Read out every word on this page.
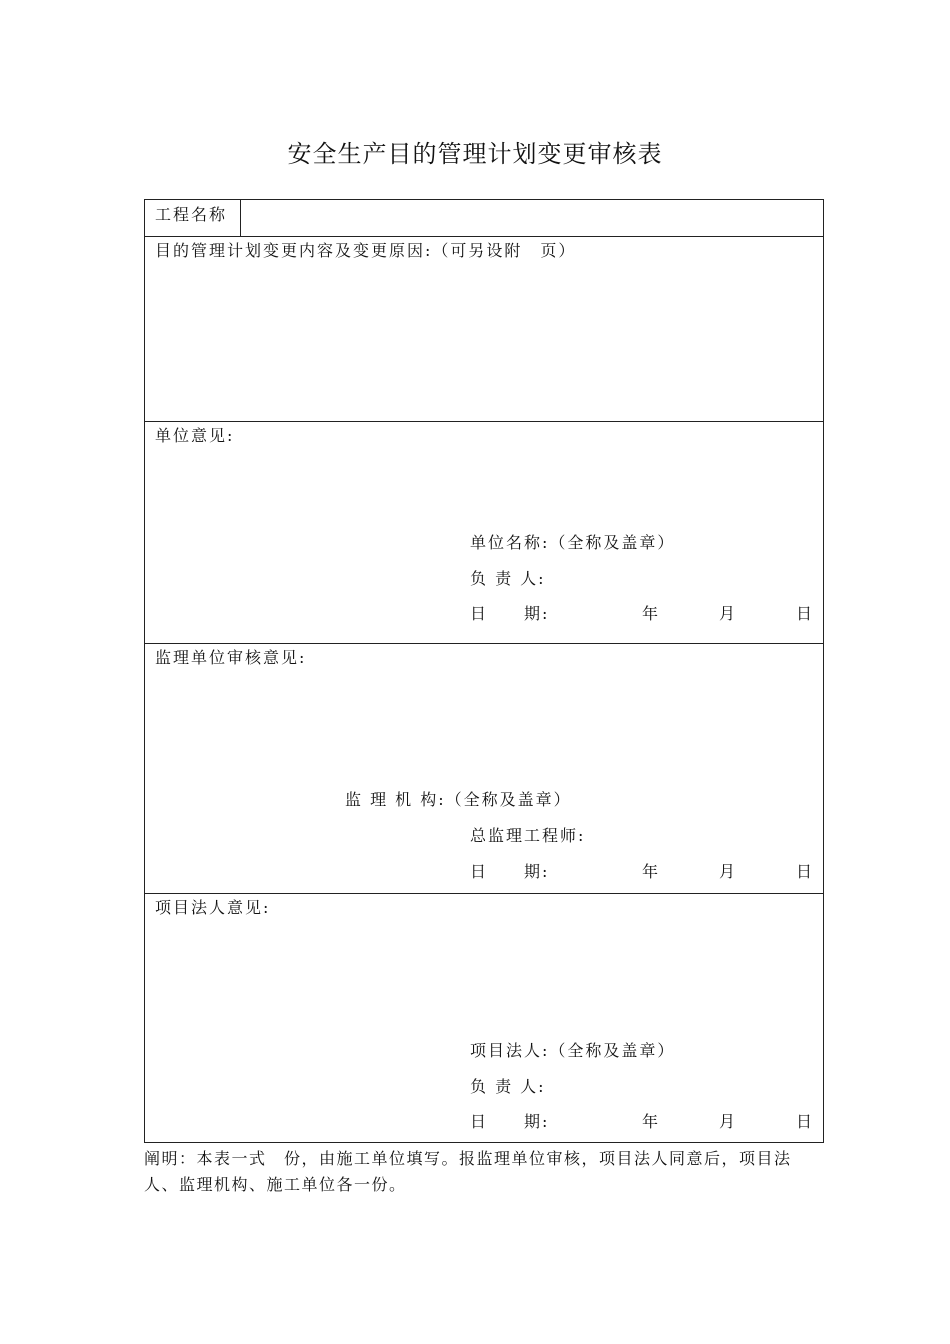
安全生产目的管理计划变更审核表
工程名称
目的管理计划变更内容及变更原因:（可另设附　页）
单位意见:
单位名称:（全称及盖章）
负 责 人:
日　　期:	年	月	日
监理单位审核意见:
监 理 机 构:（全称及盖章）
总监理工程师:
日　　期:	年	月	日
项目法人意见:
项目法人:（全称及盖章）
负 责 人:
日　　期:	年	月	日
阐明：本表一式　份，由施工单位填写。报监理单位审核，项目法人同意后，项目法人、监理机构、施工单位各一份。
